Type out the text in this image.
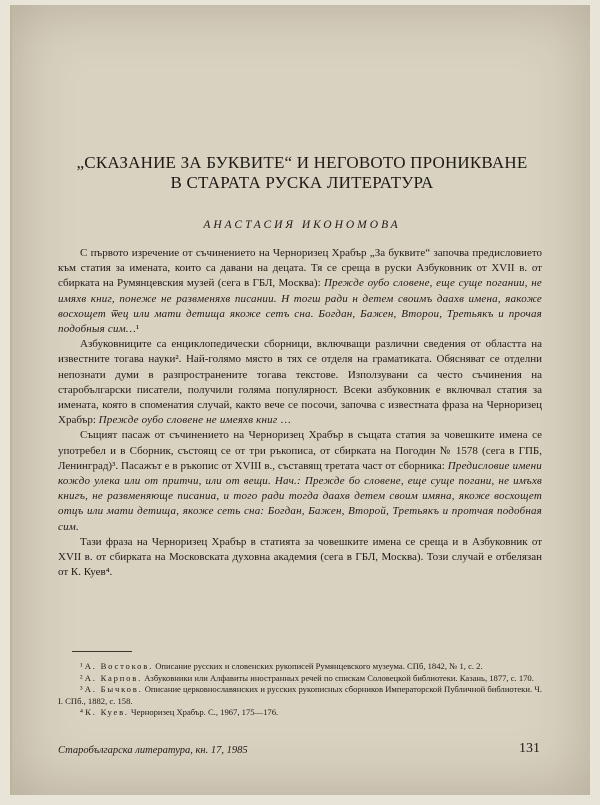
„СКАЗАНИЕ ЗА БУКВИТЕ“ И НЕГОВОТО ПРОНИКВАНЕ
В СТАРАТА РУСКА ЛИТЕРАТУРА
АНАСТАСИЯ ИКОНОМОВА

С първото изречение от съчинението на Черноризец Храбър „За буквите“ започва предисловието към статия за имената, които са давани на децата. Тя се среща в руски Азбуковник от XVII в. от сбирката на Румянцевския музей (сега в ГБЛ, Москва): Прежде оубо словене, еще суще погании, не имяхв книг, понеже не развменяхв писании. Н тогш ради н детем своимъ даахв имена, яакоже восхощет ѿец или мати детища якоже сетъ сна. Богдан, Бажен, Второи, Третьякъ и прочая подобныя сим…¹

Азбуковниците са енциклопедически сборници, включващи различни сведения от областта на известните тогава науки². Най-голямо място в тях се отделя на граматиката. Обясняват се отделни непознати думи в разпространените тогава текстове. Използувани са често съчинения на старобългарски писатели, получили голяма популярност. Всеки азбуковник е включвал статия за имената, която в споменатия случай, както вече се посочи, започва с известната фраза на Черноризец Храбър: Прежде оубо словене не имеяхв книг …

Същият пасаж от съчинението на Черноризец Храбър в същата статия за човешките имена се употребел и в Сборник, състоящ се от три ръкописа, от сбирката на Погодин № 1578 (сега в ГПБ, Ленинград)³. Пасажът е в ръкопис от XVIII в., съставящ третата част от сборника: Предисловие имени кождо улека или от притчи, или от вещи. Нач.: Прежде бо словене, еще суще погани, не имъхв книгъ, не развменяюще писаниа, и того ради тогда даахв детем своим имяна, якоже восхощет отцъ или мати детища, якоже сеть сна: Богдан, Бажен, Второй, Третьякъ и протчая подобная сим.

Тази фраза на Черноризец Храбър в статията за човешките имена се среща и в Азбуковник от XVII в. от сбирката на Московската духовна академия (сега в ГБЛ, Москва). Този случай е отбелязан от К. Куев⁴.

¹ А. Востоков. Описание русских и словенских рукописей Румянцевского музеума. СПб, 1842, № 1, с. 2.

² А. Карпов. Азбуковники или Алфавиты иностранных речей по спискам Соловецкой библиотеки. Казань, 1877, с. 170.

³ А. Бычков. Описание церковнославянских и русских рукописных сборников Императорской Публичной библиотеки. Ч. I. СПб., 1882, с. 158.

⁴ К. Куев. Черноризец Храбър. С., 1967, 175—176.

Старобългарска литература, кн. 17, 1985	131
